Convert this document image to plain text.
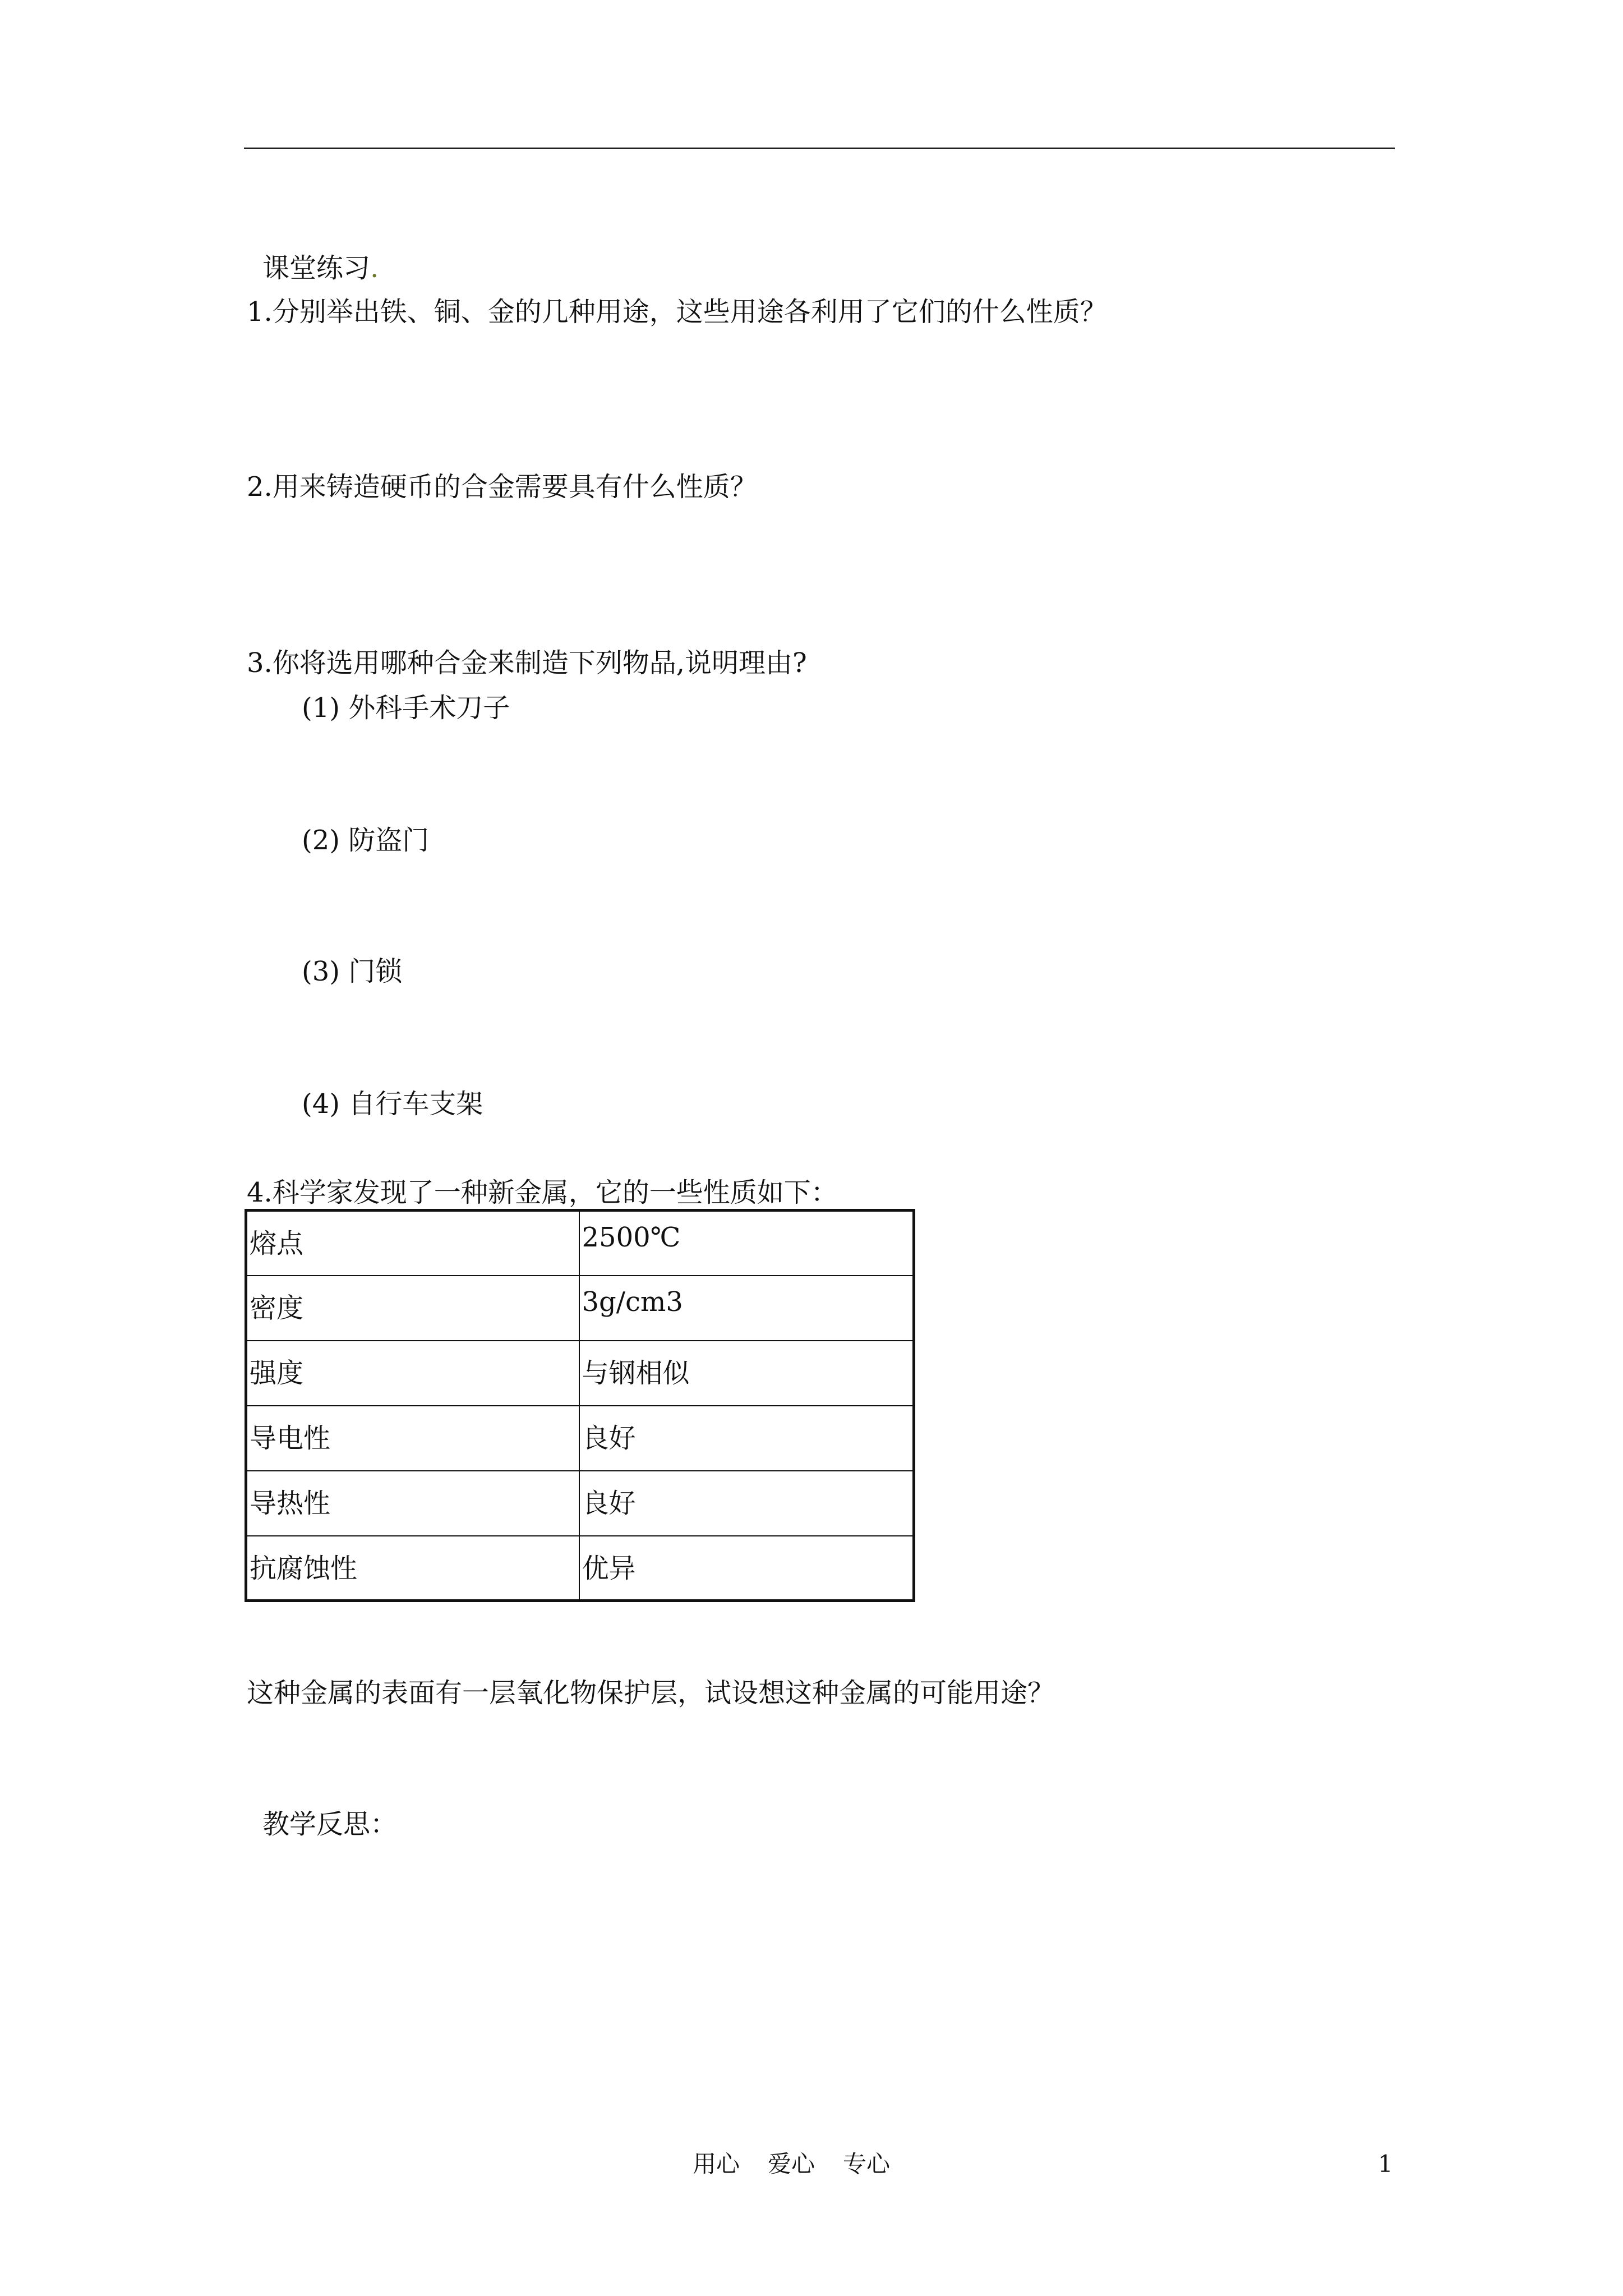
课堂练习.
1.分别举出铁、铜、金的几种用途，这些用途各利用了它们的什么性质？
2.用来铸造硬币的合金需要具有什么性质？
3.你将选用哪种合金来制造下列物品,说明理由?
(1) 外科手术刀子
(2) 防盗门
(3) 门锁
(4) 自行车支架
4.科学家发现了一种新金属，它的一些性质如下：
熔点	2500℃
密度	3g/cm3
强度	与钢相似
导电性	良好
导热性	良好
抗腐蚀性	优异
这种金属的表面有一层氧化物保护层，试设想这种金属的可能用途？
教学反思：
用心 爱心 专心	1
